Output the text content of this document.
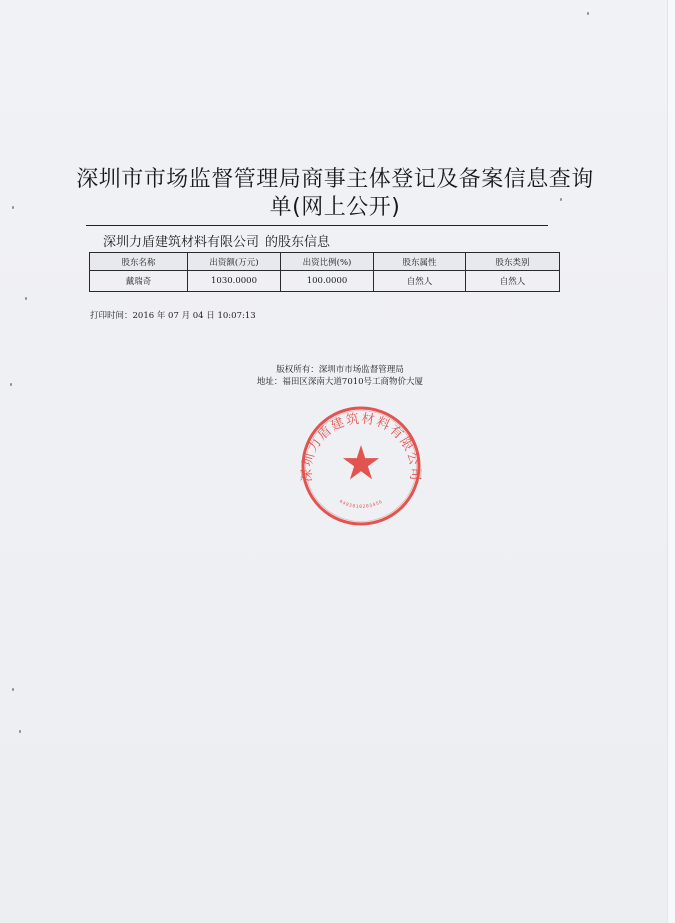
深圳市市场监督管理局商事主体登记及备案信息查询
单(网上公开)
深圳力盾建筑材料有限公司 的股东信息
股东名称	出资额(万元)	出资比例(%)	股东属性	股东类别
戴瑞奇	1030.0000	100.0000	自然人	自然人
打印时间：2016 年 07 月 04 日 10:07:13
版权所有：深圳市市场监督管理局
地址：福田区深南大道7010号工商物价大厦
深圳力盾建筑材料有限公司
4403010203456
